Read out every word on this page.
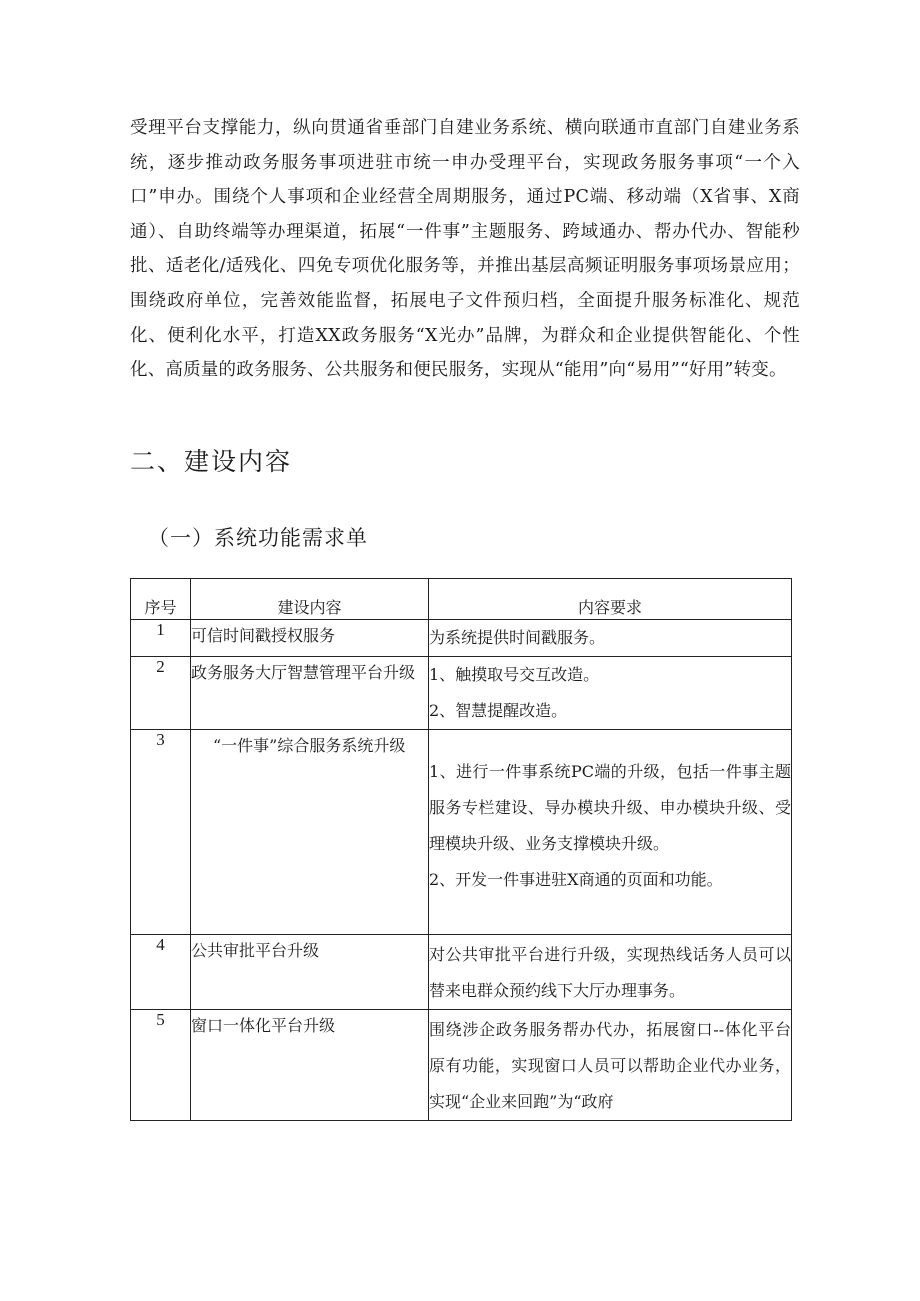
受理平台支撑能力，纵向贯通省垂部门自建业务系统、横向联通市直部门自建业务系统，逐步推动政务服务事项进驻市统一申办受理平台，实现政务服务事项“一个入口”申办。围绕个人事项和企业经营全周期服务，通过PC端、移动端（X省事、X商通）、自助终端等办理渠道，拓展“一件事”主题服务、跨域通办、帮办代办、智能秒批、适老化/适残化、四免专项优化服务等，并推出基层高频证明服务事项场景应用；围绕政府单位，完善效能监督，拓展电子文件预归档，全面提升服务标准化、规范化、便利化水平，打造XX政务服务“X光办”品牌，为群众和企业提供智能化、个性化、高质量的政务服务、公共服务和便民服务，实现从“能用”向“易用”“好用”转变。

二、建设内容
（一）系统功能需求单
序号	建设内容	内容要求
1	可信时间戳授权服务	为系统提供时间戳服务。

2	政务服务大厅智慧管理平台升级	1、触摸取号交互改造。
2、智慧提醒改造。

3	“一件事”综合服务系统升级	1、进行一件事系统PC端的升级，包括一件事主题服务专栏建设、导办模块升级、申办模块升级、受理模块升级、业务支撑模块升级。
2、开发一件事进驻X商通的页面和功能。

4	公共审批平台升级	对公共审批平台进行升级，实现热线话务人员可以替来电群众预约线下大厅办理事务。

5	窗口一体化平台升级	围绕涉企政务服务帮办代办，拓展窗口--体化平台原有功能，实现窗口人员可以帮助企业代办业务，实现“企业来回跑”为“政府
